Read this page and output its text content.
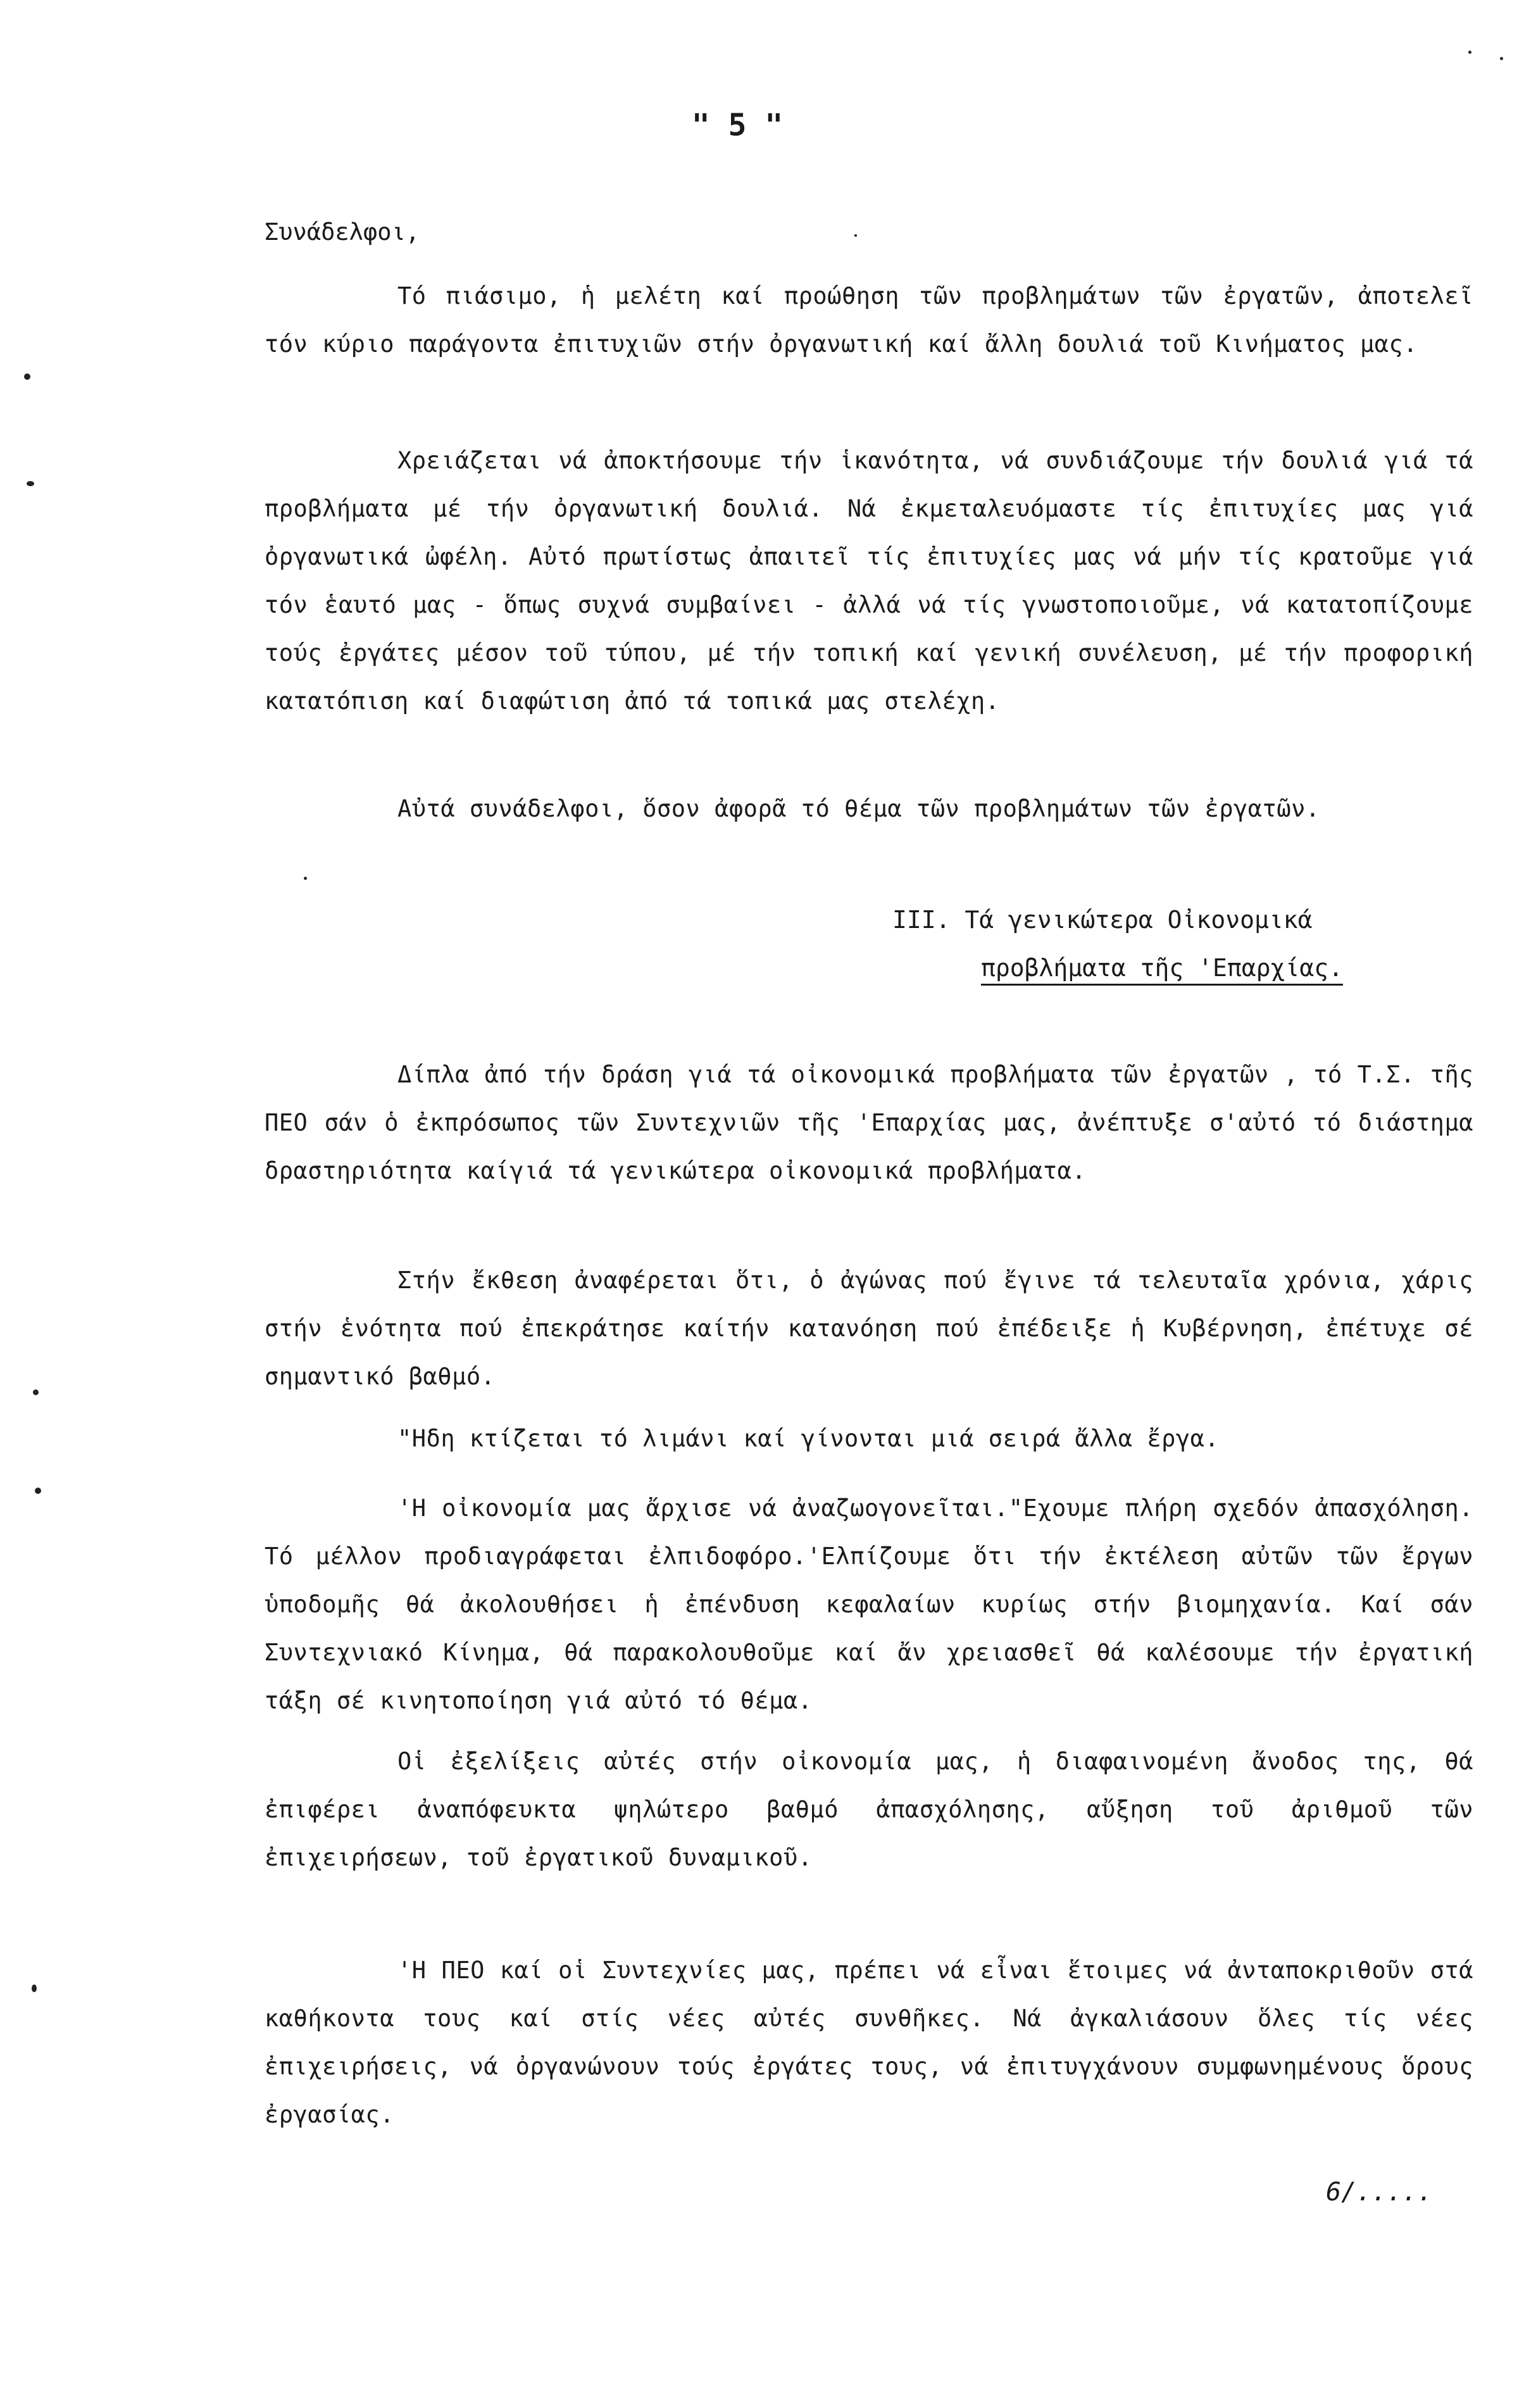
" 5 "
Συνάδελφοι,

Τό πιάσιμο, ἡ μελέτη καί προώθηση τῶν προβλημάτων τῶν ἐργατῶν, ἀποτελεῖ τόν κύριο παράγοντα ἐπιτυχιῶν στήν ὀργανωτική καί ἄλλη δουλιά τοῦ Κινήματος μας.

Χρειάζεται νά ἀποκτήσουμε τήν ἱκανότητα, νά συνδιάζουμε τήν δουλιά γιά τά προβλήματα μέ τήν ὀργανωτική δουλιά. Νά ἐκμεταλευόμαστε τίς ἐπιτυχίες μας γιά ὀργανωτικά ὠφέλη. Αὐτό πρωτίστως ἀπαιτεῖ τίς ἐπιτυχίες μας νά μήν τίς κρατοῦμε γιά τόν ἑαυτό μας - ὅπως συχνά συμβαίνει - ἀλλά νά τίς γνωστοποιοῦμε, νά κατατοπίζουμε τούς ἐργάτες μέσον τοῦ τύπου, μέ τήν τοπική καί γενική συνέλευση, μέ τήν προφορική κατατόπιση καί διαφώτιση ἀπό τά τοπικά μας στελέχη.

Αὐτά συνάδελφοι, ὅσον ἀφορᾶ τό θέμα τῶν προβλημάτων τῶν ἐργατῶν.

ΙΙΙ. Τά γενικώτερα Οἰκονομικά
προβλήματα τῆς 'Επαρχίας.

Δίπλα ἀπό τήν δράση γιά τά οἰκονομικά προβλήματα τῶν ἐργατῶν , τό Τ.Σ. τῆς ΠΕΟ σάν ὁ ἐκπρόσωπος τῶν Συντεχνιῶν τῆς 'Επαρχίας μας, ἀνέπτυξε σ'αὐτό τό διάστημα δραστηριότητα καίγιά τά γενικώτερα οἰκονομικά προβλήματα.

Στήν ἔκθεση ἀναφέρεται ὅτι, ὁ ἀγώνας πού ἔγινε τά τελευταῖα χρόνια, χάρις στήν ἑνότητα πού ἐπεκράτησε καίτήν κατανόηση πού ἐπέδειξε ἡ Κυβέρνηση, ἐπέτυχε σέ σημαντικό βαθμό.

"Ηδη κτίζεται τό λιμάνι καί γίνονται μιά σειρά ἄλλα ἔργα.

'Η οἰκονομία μας ἄρχισε νά ἀναζωογονεῖται."Εχουμε πλήρη σχεδόν ἀπασχόληση. Τό μέλλον προδιαγράφεται ἐλπιδοφόρο.'Ελπίζουμε ὅτι τήν ἐκτέλεση αὐτῶν τῶν ἔργων ὑποδομῆς θά ἀκολουθήσει ἡ ἐπένδυση κεφαλαίων κυρίως στήν βιομηχανία. Καί σάν Συντεχνιακό Κίνημα, θά παρακολουθοῦμε καί ἄν χρειασθεῖ θά καλέσουμε τήν ἐργατική τάξη σέ κινητοποίηση γιά αὐτό τό θέμα.

Οἱ ἐξελίξεις αὐτές στήν οἰκονομία μας, ἡ διαφαινομένη ἄνοδος της, θά ἐπιφέρει ἀναπόφευκτα ψηλώτερο βαθμό ἀπασχόλησης, αὔξηση τοῦ ἀριθμοῦ τῶν ἐπιχειρήσεων, τοῦ ἐργατικοῦ δυναμικοῦ.

'Η ΠΕΟ καί οἱ Συντεχνίες μας, πρέπει νά εἶναι ἕτοιμες νά ἀνταποκριθοῦν στά καθήκοντα τους καί στίς νέες αὐτές συνθῆκες. Νά ἀγκαλιάσουν ὅλες τίς νέες ἐπιχειρήσεις, νά ὀργανώνουν τούς ἐργάτες τους, νά ἐπιτυγχάνουν συμφωνημένους ὅρους ἐργασίας.

6/.....
